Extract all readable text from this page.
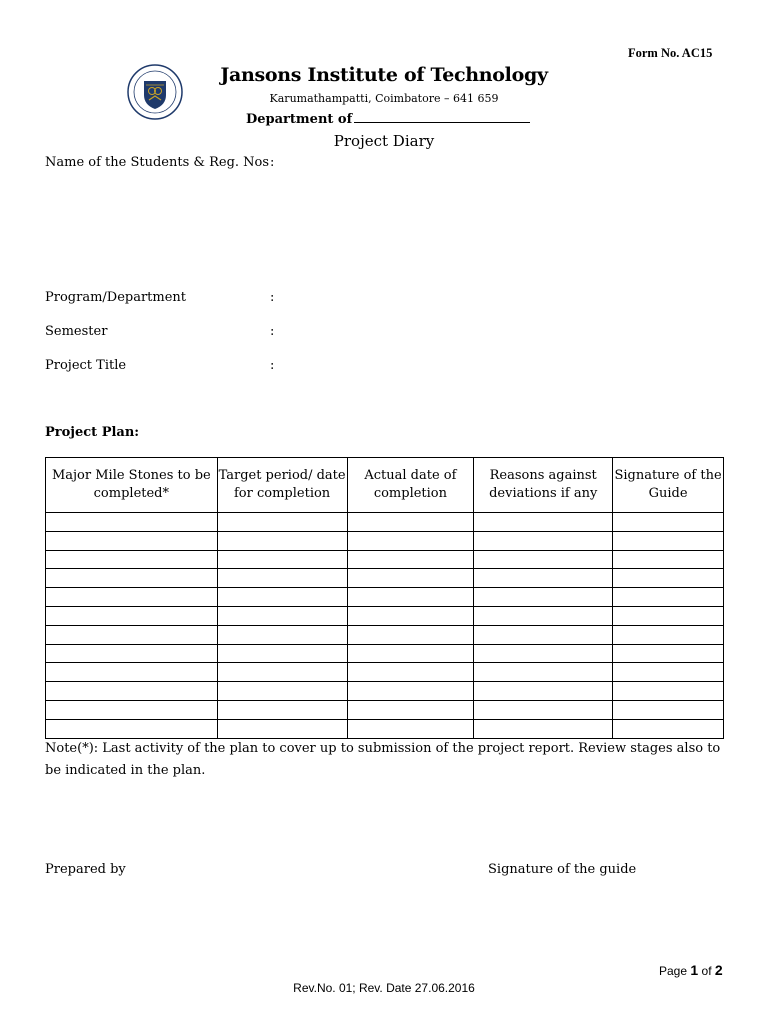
Form No. AC15
Jansons Institute of Technology
Karumathampatti, Coimbatore – 641 659
Department of
Project Diary
Name of the Students & Reg. Nos :
Program/Department	:
Semester	:
Project Title	:
Project Plan:
Major Mile Stones to be completed*	Target period/ date for completion	Actual date of completion	Reasons against deviations if any	Signature of the Guide

Note(*): Last activity of the plan to cover up to submission of the project report. Review stages also to be indicated in the plan.
Prepared by	Signature of the guide
Page 1 of 2
Rev.No. 01; Rev. Date 27.06.2016
